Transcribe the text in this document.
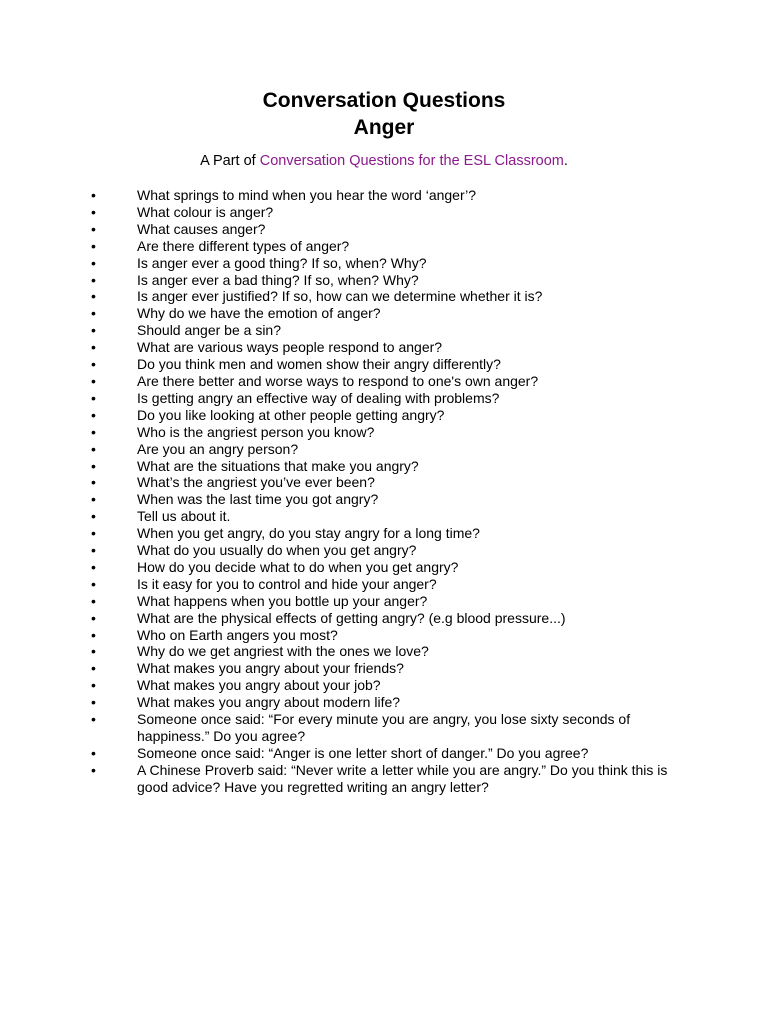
Conversation Questions
Anger
A Part of Conversation Questions for the ESL Classroom.
•	What springs to mind when you hear the word ‘anger’?
•	What colour is anger?
•	What causes anger?
•	Are there different types of anger?
•	Is anger ever a good thing? If so, when? Why?
•	Is anger ever a bad thing? If so, when? Why?
•	Is anger ever justified? If so, how can we determine whether it is?
•	Why do we have the emotion of anger?
•	Should anger be a sin?
•	What are various ways people respond to anger?
•	Do you think men and women show their angry differently?
•	Are there better and worse ways to respond to one's own anger?
•	Is getting angry an effective way of dealing with problems?
•	Do you like looking at other people getting angry?
•	Who is the angriest person you know?
•	Are you an angry person?
•	What are the situations that make you angry?
•	What’s the angriest you’ve ever been?
•	When was the last time you got angry?
•	Tell us about it.
•	When you get angry, do you stay angry for a long time?
•	What do you usually do when you get angry?
•	How do you decide what to do when you get angry?
•	Is it easy for you to control and hide your anger?
•	What happens when you bottle up your anger?
•	What are the physical effects of getting angry? (e.g blood pressure...)
•	Who on Earth angers you most?
•	Why do we get angriest with the ones we love?
•	What makes you angry about your friends?
•	What makes you angry about your job?
•	What makes you angry about modern life?
•	Someone once said: “For every minute you are angry, you lose sixty seconds of happiness.” Do you agree?
•	Someone once said: “Anger is one letter short of danger.” Do you agree?
•	A Chinese Proverb said: “Never write a letter while you are angry.” Do you think this is good advice? Have you regretted writing an angry letter?
